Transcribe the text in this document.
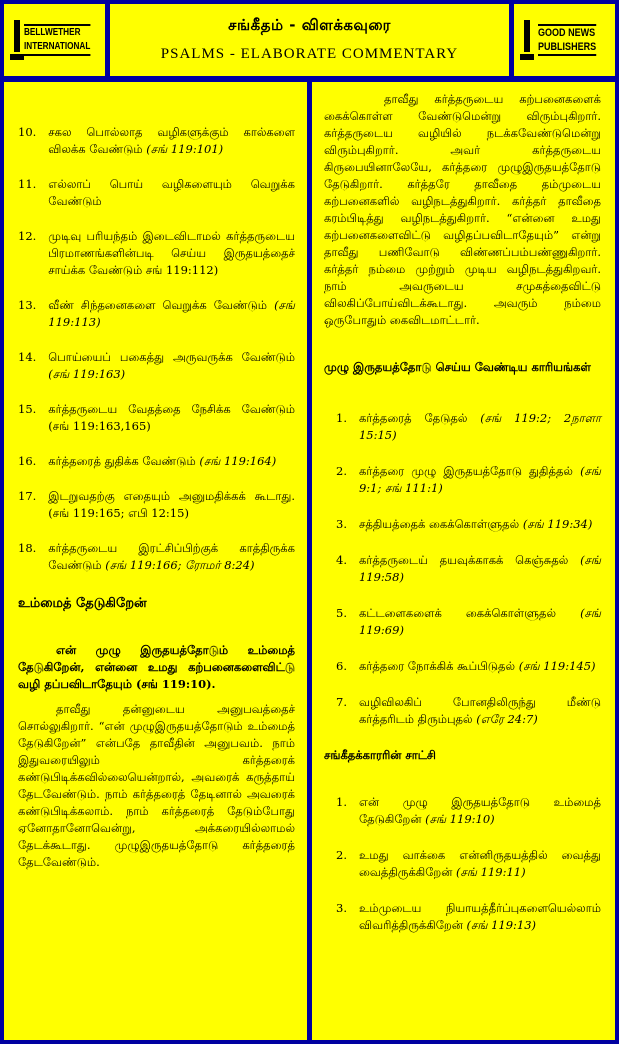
BELLWETHER
INTERNATIONAL
சங்கீதம் - விளக்கவுரை
PSALMS - ELABORATE COMMENTARY
GOOD NEWS
PUBLISHERS
10. சகல பொல்லாத வழிகளுக்கும் கால்களை விலக்க வேண்டும் (சங் 119:101)
11. எல்லாப் பொய் வழிகளையும் வெறுக்க வேண்டும்
12. முடிவு பரியந்தம் இடைவிடாமல் கர்த்தருடைய பிரமாணங்களின்படி செய்ய இருதயத்தைச் சாய்க்க வேண்டும் சங் 119:112)
13. வீண் சிந்தனைகளை வெறுக்க வேண்டும் (சங் 119:113)
14. பொய்யைப் பகைத்து அருவருக்க வேண்டும் (சங் 119:163)
15. கர்த்தருடைய வேதத்தை நேசிக்க வேண்டும் (சங் 119:163,165)
16. கர்த்தரைத் துதிக்க வேண்டும் (சங் 119:164)
17. இடறுவதற்கு எதையும் அனுமதிக்கக் கூடாது. (சங் 119:165; எபி 12:15)
18. கர்த்தருடைய இரட்சிப்பிற்குக் காத்திருக்க வேண்டும் (சங் 119:166; ரோமர் 8:24)
உம்மைத் தேடுகிறேன்

என் முழு இருதயத்தோடும் உம்மைத் தேடுகிறேன், என்னை உமது கற்பனைகளைவிட்டு வழி தப்பவிடாதேயும் (சங் 119:10).

தாவீது தன்னுடைய அனுபவத்தைச் சொல்லுகிறார். “என் முழுஇருதயத்தோடும் உம்மைத் தேடுகிறேன்” என்பதே தாவீதின் அனுபவம். நாம் இதுவரையிலும் கர்த்தரைக் கண்டுபிடிக்கவில்லையென்றால், அவரைக் கருத்தாய் தேடவேண்டும். நாம் கர்த்தரைத் தேடினால் அவரைக் கண்டுபிடிக்கலாம். நாம் கர்த்தரைத் தேடும்போது ஏனோதானோவென்று, அக்கரையில்லாமல் தேடக்கூடாது. முழுஇருதயத்தோடு கர்த்தரைத் தேடவேண்டும்.

தாவீது கர்த்தருடைய கற்பனைகளைக் கைக்கொள்ள வேண்டுமென்று விரும்புகிறார். கர்த்தருடைய வழியில் நடக்கவேண்டுமென்று விரும்புகிறார். அவர் கர்த்தருடைய கிருபையினாலேயே, கர்த்தரை முழுஇருதயத்தோடு தேடுகிறார். கர்த்தரே தாவீதை தம்முடைய கற்பனைகளில் வழிநடத்துகிறார். கர்த்தர் தாவீதை கரம்பிடித்து வழிநடத்துகிறார். “என்னை உமது கற்பனைகளைவிட்டு வழிதப்பவிடாதேயும்” என்று தாவீது பணிவோடு விண்ணப்பம்பண்ணுகிறார். கர்த்தர் நம்மை முற்றும் முடிய வழிநடத்துகிறவர். நாம் அவருடைய சமுகத்தைவிட்டு விலகிப்போய்விடக்கூடாது. அவரும் நம்மை ஒருபோதும் கைவிடமாட்டார்.

முழு இருதயத்தோடு செய்ய வேண்டிய காரியங்கள்
1. கர்த்தரைத் தேடுதல் (சங் 119:2; 2நாளா 15:15)
2. கர்த்தரை முழு இருதயத்தோடு துதித்தல் (சங் 9:1; சங் 111:1)
3. சத்தியத்தைக் கைக்கொள்ளுதல் (சங் 119:34)
4. கர்த்தருடைய் தயவுக்காகக் கெஞ்சுதல் (சங் 119:58)
5. கட்டளைகளைக் கைக்கொள்ளுதல் (சங் 119:69)
6. கர்த்தரை நோக்கிக் கூப்பிடுதல் (சங் 119:145)
7. வழிவிலகிப் போனதிலிருந்து மீண்டு கர்த்தரிடம் திரும்புதல் (எரே 24:7)
சங்கீதக்காரரின் சாட்சி
1. என் முழு இருதயத்தோடு உம்மைத் தேடுகிறேன் (சங் 119:10)
2. உமது வாக்கை என்னிருதயத்தில் வைத்து வைத்திருக்கிறேன் (சங் 119:11)
3. உம்முடைய நியாயத்தீர்ப்புகளையெல்லாம் விவரித்திருக்கிறேன் (சங் 119:13)
